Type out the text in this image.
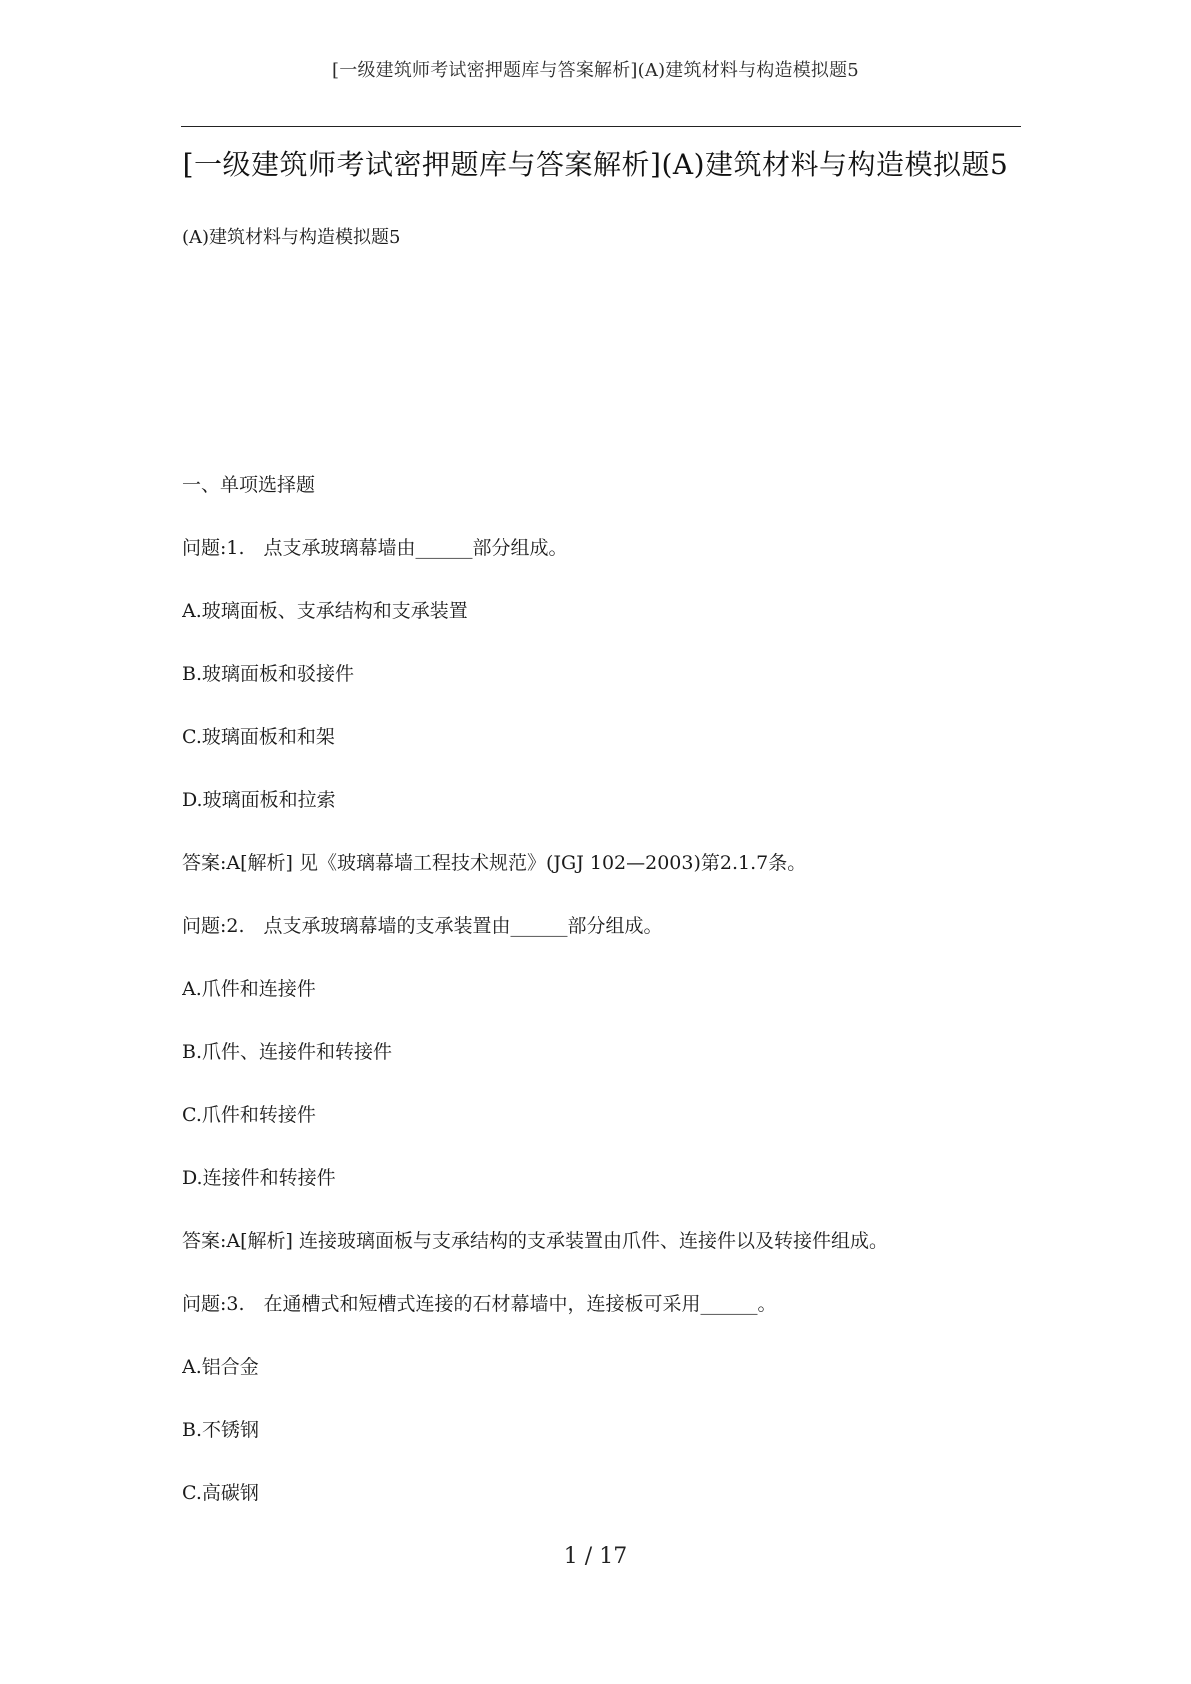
[一级建筑师考试密押题库与答案解析](A)建筑材料与构造模拟题5
[一级建筑师考试密押题库与答案解析](A)建筑材料与构造模拟题5
(A)建筑材料与构造模拟题5
一、单项选择题
问题:1.　点支承玻璃幕墙由______部分组成。
A.玻璃面板、支承结构和支承装置
B.玻璃面板和驳接件
C.玻璃面板和和架
D.玻璃面板和拉索
答案:A[解析] 见《玻璃幕墙工程技术规范》(JGJ 102—2003)第2.1.7条。
问题:2.　点支承玻璃幕墙的支承装置由______部分组成。
A.爪件和连接件
B.爪件、连接件和转接件
C.爪件和转接件
D.连接件和转接件
答案:A[解析] 连接玻璃面板与支承结构的支承装置由爪件、连接件以及转接件组成。
问题:3.　在通槽式和短槽式连接的石材幕墙中，连接板可采用______。
A.铝合金
B.不锈钢
C.高碳钢
1 / 17
